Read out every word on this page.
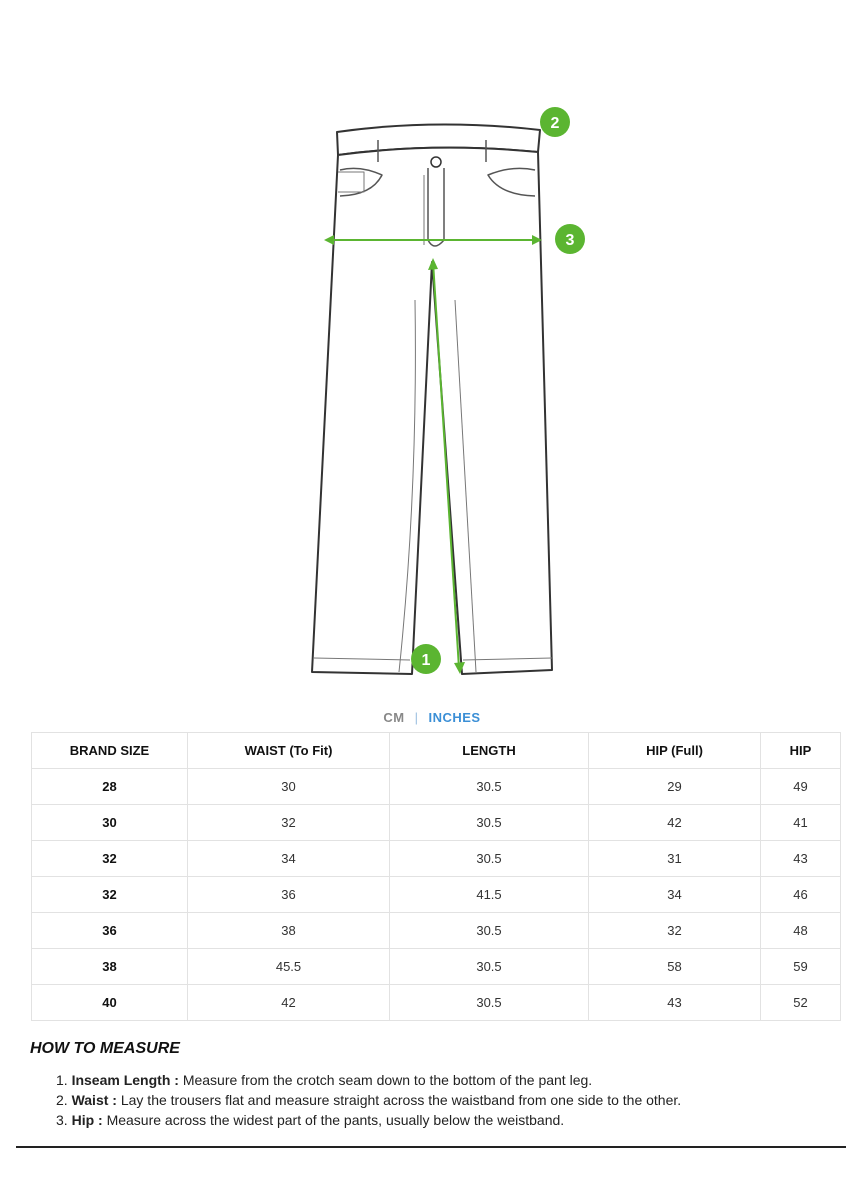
2
3
1
CM | INCHES
BRAND SIZE	WAIST (To Fit)	LENGTH	HIP (Full)	HIP
28	30	30.5	29	49
30	32	30.5	42	41
32	34	30.5	31	43
32	36	41.5	34	46
36	38	30.5	32	48
38	45.5	30.5	58	59
40	42	30.5	43	52
HOW TO MEASURE
1. Inseam Length : Measure from the crotch seam down to the bottom of the pant leg.
2. Waist : Lay the trousers flat and measure straight across the waistband from one side to the other.
3. Hip : Measure across the widest part of the pants, usually below the weistband.
